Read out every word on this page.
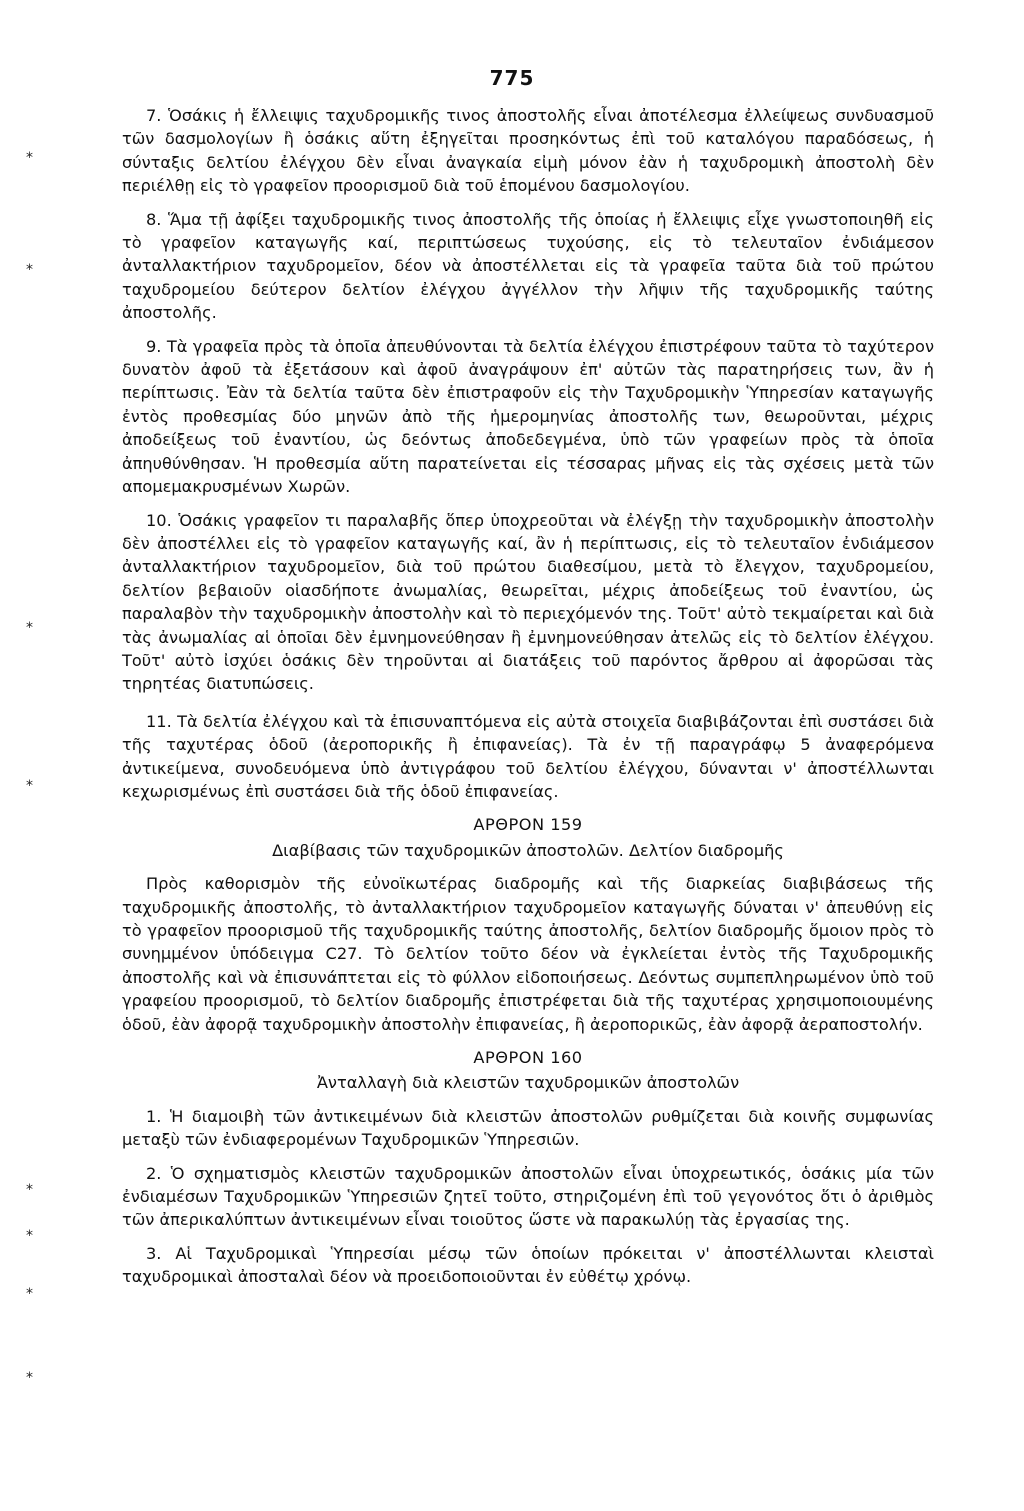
775
*
*
*
*
*
*
*
*

7. Ὁσάκις ἡ ἔλλειψις ταχυδρομικῆς τινος ἀποστολῆς εἶναι ἀποτέλεσμα ἐλλείψεως συνδυασμοῦ τῶν δασμολογίων ἢ ὁσάκις αὕτη ἐξηγεῖται προσηκόντως ἐπὶ τοῦ καταλόγου παραδόσεως, ἡ σύνταξις δελτίου ἐλέγχου δὲν εἶναι ἀναγκαία εἰμὴ μόνον ἐὰν ἡ ταχυδρομικὴ ἀποστολὴ δὲν περιέλθῃ εἰς τὸ γραφεῖον προορισμοῦ διὰ τοῦ ἑπομένου δασμολογίου.

8. Ἅμα τῇ ἀφίξει ταχυδρομικῆς τινος ἀποστολῆς τῆς ὁποίας ἡ ἔλλειψις εἶχε γνωστοποιηθῆ εἰς τὸ γραφεῖον καταγωγῆς καί, περιπτώσεως τυχούσης, εἰς τὸ τελευταῖον ἐνδιάμεσον ἀνταλλακτήριον ταχυδρομεῖον, δέον νὰ ἀποστέλλεται εἰς τὰ γραφεῖα ταῦτα διὰ τοῦ πρώτου ταχυδρομείου δεύτερον δελτίον ἐλέγχου ἀγγέλλον τὴν λῆψιν τῆς ταχυδρομικῆς ταύτης ἀποστολῆς.

9. Τὰ γραφεῖα πρὸς τὰ ὁποῖα ἀπευθύνονται τὰ δελτία ἐλέγχου ἐπιστρέφουν ταῦτα τὸ ταχύτερον δυνατὸν ἀφοῦ τὰ ἐξετάσουν καὶ ἀφοῦ ἀναγράψουν ἐπ' αὐτῶν τὰς παρατηρήσεις των, ἂν ἡ περίπτωσις. Ἐὰν τὰ δελτία ταῦτα δὲν ἐπιστραφοῦν εἰς τὴν Ταχυδρομικὴν Ὑπηρεσίαν καταγωγῆς ἐντὸς προθεσμίας δύο μηνῶν ἀπὸ τῆς ἡμερομηνίας ἀποστολῆς των, θεωροῦνται, μέχρις ἀποδείξεως τοῦ ἐναντίου, ὡς δεόντως ἀποδεδεγμένα, ὑπὸ τῶν γραφείων πρὸς τὰ ὁποῖα ἀπηυθύνθησαν. Ἡ προθεσμία αὕτη παρατείνεται εἰς τέσσαρας μῆνας εἰς τὰς σχέσεις μετὰ τῶν απομεμακρυσμένων Χωρῶν.

10. Ὁσάκις γραφεῖον τι παραλαβῆς ὅπερ ὑποχρεοῦται νὰ ἐλέγξῃ τὴν ταχυδρομικὴν ἀποστολὴν δὲν ἀποστέλλει εἰς τὸ γραφεῖον καταγωγῆς καί, ἂν ἡ περίπτωσις, εἰς τὸ τελευταῖον ἐνδιάμεσον ἀνταλλακτήριον ταχυδρομεῖον, διὰ τοῦ πρώτου διαθεσίμου, μετὰ τὸ ἔλεγχον, ταχυδρομείου, δελτίον βεβαιοῦν οἱασδήποτε ἀνωμαλίας, θεωρεῖται, μέχρις ἀποδείξεως τοῦ ἐναντίου, ὡς παραλαβὸν τὴν ταχυδρομικὴν ἀποστολὴν καὶ τὸ περιεχόμενόν της. Τοῦτ' αὐτὸ τεκμαίρεται καὶ διὰ τὰς ἀνωμαλίας αἱ ὁποῖαι δὲν ἐμνημονεύθησαν ἢ ἐμνημονεύθησαν ἀτελῶς εἰς τὸ δελτίον ἐλέγχου. Τοῦτ' αὐτὸ ἰσχύει ὁσάκις δὲν τηροῦνται αἱ διατάξεις τοῦ παρόντος ἄρθρου αἱ ἀφορῶσαι τὰς τηρητέας διατυπώσεις.

11. Τὰ δελτία ἐλέγχου καὶ τὰ ἐπισυναπτόμενα εἰς αὐτὰ στοιχεῖα διαβιβάζονται ἐπὶ συστάσει διὰ τῆς ταχυτέρας ὁδοῦ (ἀεροπορικῆς ἢ ἐπιφανείας). Τὰ ἐν τῇ παραγράφῳ 5 ἀναφερόμενα ἀντικείμενα, συνοδευόμενα ὑπὸ ἀντιγράφου τοῦ δελτίου ἐλέγχου, δύνανται ν' ἀποστέλλωνται κεχωρισμένως ἐπὶ συστάσει διὰ τῆς ὁδοῦ ἐπιφανείας.

ΑΡΘΡΟΝ 159
Διαβίβασις τῶν ταχυδρομικῶν ἀποστολῶν. Δελτίον διαδρομῆς

Πρὸς καθορισμὸν τῆς εὐνοϊκωτέρας διαδρομῆς καὶ τῆς διαρκείας διαβιβάσεως τῆς ταχυδρομικῆς ἀποστολῆς, τὸ ἀνταλλακτήριον ταχυδρομεῖον καταγωγῆς δύναται ν' ἀπευθύνῃ εἰς τὸ γραφεῖον προορισμοῦ τῆς ταχυδρομικῆς ταύτης ἀποστολῆς, δελτίον διαδρομῆς ὅμοιον πρὸς τὸ συνημμένον ὑπόδειγμα C27. Τὸ δελτίον τοῦτο δέον νὰ ἐγκλείεται ἐντὸς τῆς Ταχυδρομικῆς ἀποστολῆς καὶ νὰ ἐπισυνάπτεται εἰς τὸ φύλλον εἰδοποιήσεως. Δεόντως συμπεπληρωμένον ὑπὸ τοῦ γραφείου προορισμοῦ, τὸ δελτίον διαδρομῆς ἐπιστρέφεται διὰ τῆς ταχυτέρας χρησιμοποιουμένης ὁδοῦ, ἐὰν ἀφορᾷ ταχυδρομικὴν ἀποστολὴν ἐπιφανείας, ἢ ἀεροπορικῶς, ἐὰν ἀφορᾷ ἀεραποστολήν.

ΑΡΘΡΟΝ 160
Ἀνταλλαγὴ διὰ κλειστῶν ταχυδρομικῶν ἀποστολῶν

1. Ἡ διαμοιβὴ τῶν ἀντικειμένων διὰ κλειστῶν ἀποστολῶν ρυθμίζεται διὰ κοινῆς συμφωνίας μεταξὺ τῶν ἐνδιαφερομένων Ταχυδρομικῶν Ὑπηρεσιῶν.

2. Ὁ σχηματισμὸς κλειστῶν ταχυδρομικῶν ἀποστολῶν εἶναι ὑποχρεωτικός, ὁσάκις μία τῶν ἐνδιαμέσων Ταχυδρομικῶν Ὑπηρεσιῶν ζητεῖ τοῦτο, στηριζομένη ἐπὶ τοῦ γεγονότος ὅτι ὁ ἀριθμὸς τῶν ἀπερικαλύπτων ἀντικειμένων εἶναι τοιοῦτος ὥστε νὰ παρακωλύῃ τὰς ἐργασίας της.

3. Αἱ Ταχυδρομικαὶ Ὑπηρεσίαι μέσῳ τῶν ὁποίων πρόκειται ν' ἀποστέλλωνται κλεισταὶ ταχυδρομικαὶ ἀποσταλαὶ δέον νὰ προειδοποιοῦνται ἐν εὐθέτῳ χρόνῳ.
